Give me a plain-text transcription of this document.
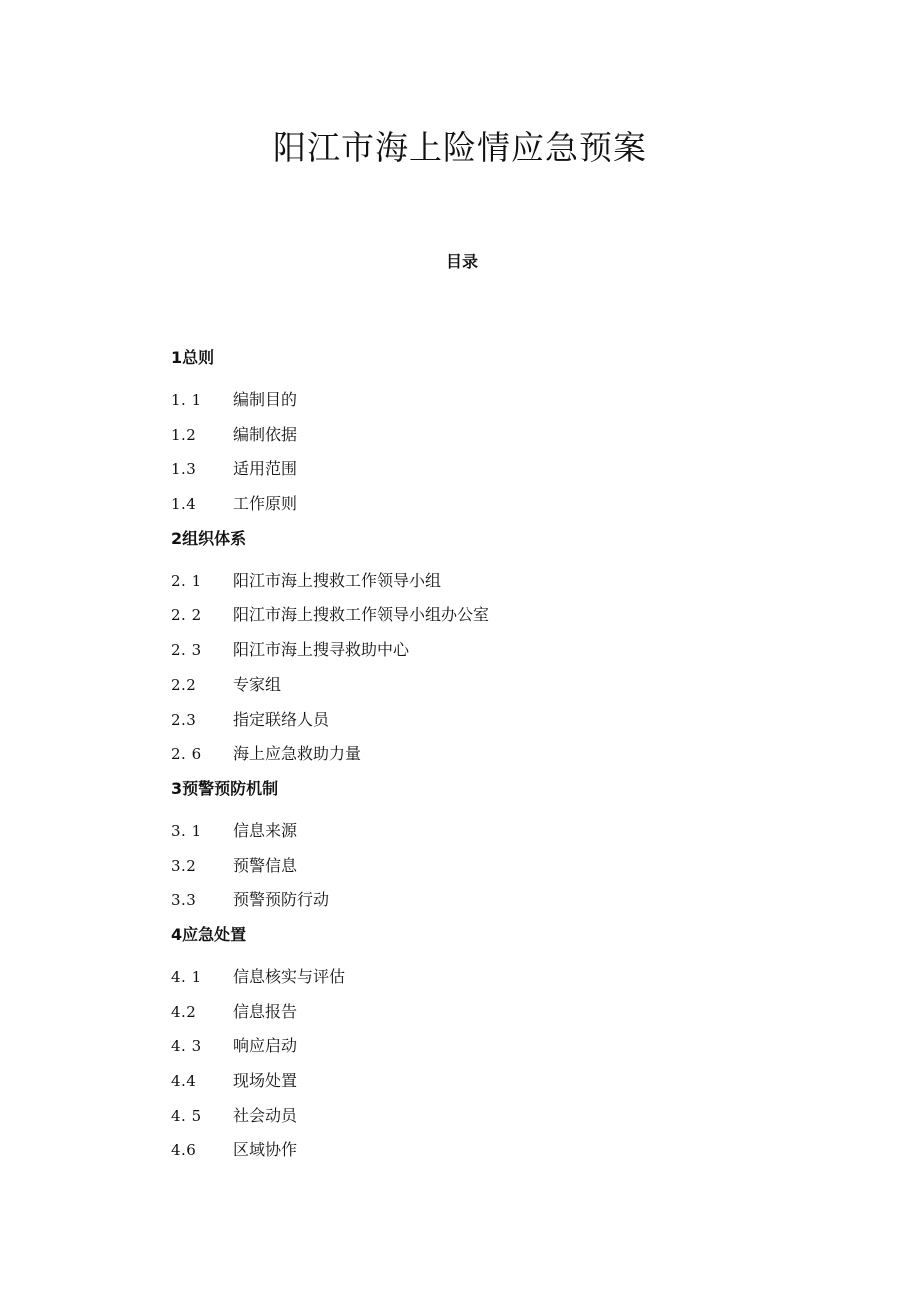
阳江市海上险情应急预案
目录
1总则
1. 1	编制目的
1.2	编制依据
1.3	适用范围
1.4	工作原则
2组织体系
2. 1	阳江市海上搜救工作领导小组
2. 2	阳江市海上搜救工作领导小组办公室
2. 3	阳江市海上搜寻救助中心
2.2	专家组
2.3	指定联络人员
2. 6	海上应急救助力量
3预警预防机制
3. 1	信息来源
3.2	预警信息
3.3	预警预防行动
4应急处置
4. 1	信息核实与评估
4.2	信息报告
4. 3	响应启动
4.4	现场处置
4. 5	社会动员
4.6	区域协作
